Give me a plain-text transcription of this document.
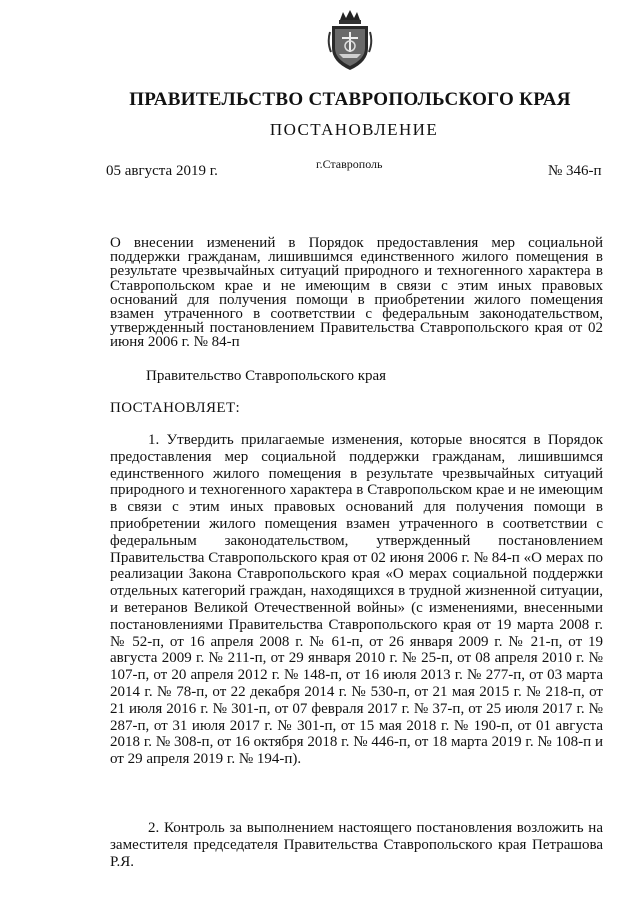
ПРАВИТЕЛЬСТВО СТАВРОПОЛЬСКОГО КРАЯ
ПОСТАНОВЛЕНИЕ
05 августа 2019 г.	г.Ставрополь	№ 346-п

О внесении изменений в Порядок предоставления мер социальной поддержки гражданам, лишившимся единственного жилого помещения в результате чрезвычайных ситуаций природного и техногенного характера в Ставропольском крае и не имеющим в связи с этим иных правовых оснований для получения помощи в приобретении жилого помещения взамен утраченного в соответствии с федеральным законодательством, утвержденный постановлением Правительства Ставропольского края от 02 июня 2006 г. № 84-п

Правительство Ставропольского края
ПОСТАНОВЛЯЕТ:

1. Утвердить прилагаемые изменения, которые вносятся в Порядок предоставления мер социальной поддержки гражданам, лишившимся единственного жилого помещения в результате чрезвычайных ситуаций природного и техногенного характера в Ставропольском крае и не имеющим в связи с этим иных правовых оснований для получения помощи в приобретении жилого помещения взамен утраченного в соответствии с федеральным законодательством, утвержденный постановлением Правительства Ставропольского края от 02 июня 2006 г. № 84-п «О мерах по реализации Закона Ставропольского края «О мерах социальной поддержки отдельных категорий граждан, находящихся в трудной жизненной ситуации, и ветеранов Великой Отечественной войны» (с изменениями, внесенными постановлениями Правительства Ставропольского края от 19 марта 2008 г. № 52-п, от 16 апреля 2008 г. № 61-п, от 26 января 2009 г. № 21-п, от 19 августа 2009 г. № 211-п, от 29 января 2010 г. № 25-п, от 08 апреля 2010 г. № 107-п, от 20 апреля 2012 г. № 148-п, от 16 июля 2013 г. № 277-п, от 03 марта 2014 г. № 78-п, от 22 декабря 2014 г. № 530-п, от 21 мая 2015 г. № 218-п, от 21 июля 2016 г. № 301-п, от 07 февраля 2017 г. № 37-п, от 25 июля 2017 г. № 287-п, от 31 июля 2017 г. № 301-п, от 15 мая 2018 г. № 190-п, от 01 августа 2018 г. № 308-п, от 16 октября 2018 г. № 446-п, от 18 марта 2019 г. № 108-п и от 29 апреля 2019 г. № 194-п).

2. Контроль за выполнением настоящего постановления возложить на заместителя председателя Правительства Ставропольского края Петрашова Р.Я.
